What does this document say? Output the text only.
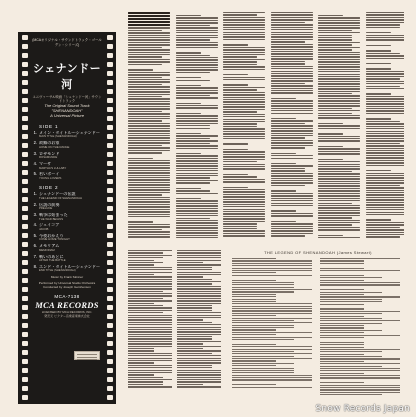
(MCAオリジナル・サウンドトラック・ゴールデン・シリーズ)
シェナンドー河
ユニヴァーサル映画「シェナンドー河」サウンドトラック
The Original Sound Track
"SHENANDOAH"
A Universal Picture
SIDE 1
1. メイン・タイトル～シェナンドー
MAIN TITLE (SHENANDOAH)
2. 故郷のお家
HOME ON THE RANGE
3. ロザモンド
ROSAMUNDE
4. マーサ
MARTHA'S LULLABY
5. 若いボーイ
YOUNG LOVERS
SIDE 2
1. シェナンドーの伝説
THE LEGEND OF SHENANDOAH
2. 伝説の前奏
PRELUDE
3. 戦争は始まった
THE WAR BEGINS
4. ジェイコブ
JACOB
5. 今夜おかえり
COME HOME TONIGHT
6. メモリアム
MEMORIAM
7. 戦いのあとに
AFTER THE BATTLE
8. エンド・タイトル～シェナンドー
END TITLE (SHENANDOAH)
Music by Frank Skinner
Performed by Universal Studio Orchestra
Conducted by Joseph Gershenson
MCA-7138
MCA RECORDS
LICENSED BY MCA RECORDS, INC.
発売元 ビクター音楽産業株式会社
THE LEGEND OF SHENANDOAH (James Stewart)
Snow Records Japan
